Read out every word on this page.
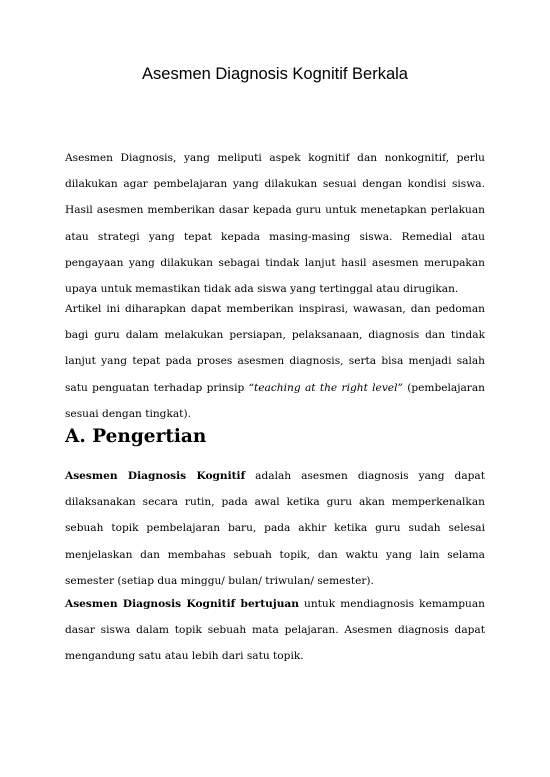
Asesmen Diagnosis Kognitif Berkala

Asesmen Diagnosis, yang meliputi aspek kognitif dan nonkognitif, perlu dilakukan agar pembelajaran yang dilakukan sesuai dengan kondisi siswa. Hasil asesmen memberikan dasar kepada guru untuk menetapkan perlakuan atau strategi yang tepat kepada masing-masing siswa. Remedial atau pengayaan yang dilakukan sebagai tindak lanjut hasil asesmen merupakan upaya untuk memastikan tidak ada siswa yang tertinggal atau dirugikan.

Artikel ini diharapkan dapat memberikan inspirasi, wawasan, dan pedoman bagi guru dalam melakukan persiapan, pelaksanaan, diagnosis dan tindak lanjut yang tepat pada proses asesmen diagnosis, serta bisa menjadi salah satu penguatan terhadap prinsip “teaching at the right level” (pembelajaran sesuai dengan tingkat).

A. Pengertian

Asesmen Diagnosis Kognitif adalah asesmen diagnosis yang dapat dilaksanakan secara rutin, pada awal ketika guru akan memperkenalkan sebuah topik pembelajaran baru, pada akhir ketika guru sudah selesai menjelaskan dan membahas sebuah topik, dan waktu yang lain selama semester (setiap dua minggu/ bulan/ triwulan/ semester).

Asesmen Diagnosis Kognitif bertujuan untuk mendiagnosis kemampuan dasar siswa dalam topik sebuah mata pelajaran. Asesmen diagnosis dapat mengandung satu atau lebih dari satu topik.
